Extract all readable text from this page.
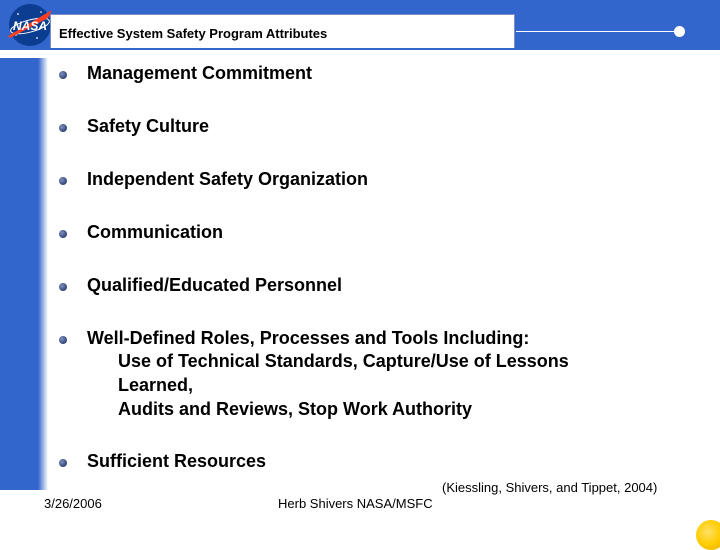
NASA Effective System Safety Program Attributes
Management Commitment
Safety Culture
Independent Safety Organization
Communication
Qualified/Educated Personnel
Well-Defined Roles, Processes and Tools Including:
Use of Technical Standards, Capture/Use of Lessons Learned,
Audits and Reviews, Stop Work Authority
Sufficient Resources
(Kiessling, Shivers, and Tippet, 2004)
3/26/2006	Herb Shivers NASA/MSFC
